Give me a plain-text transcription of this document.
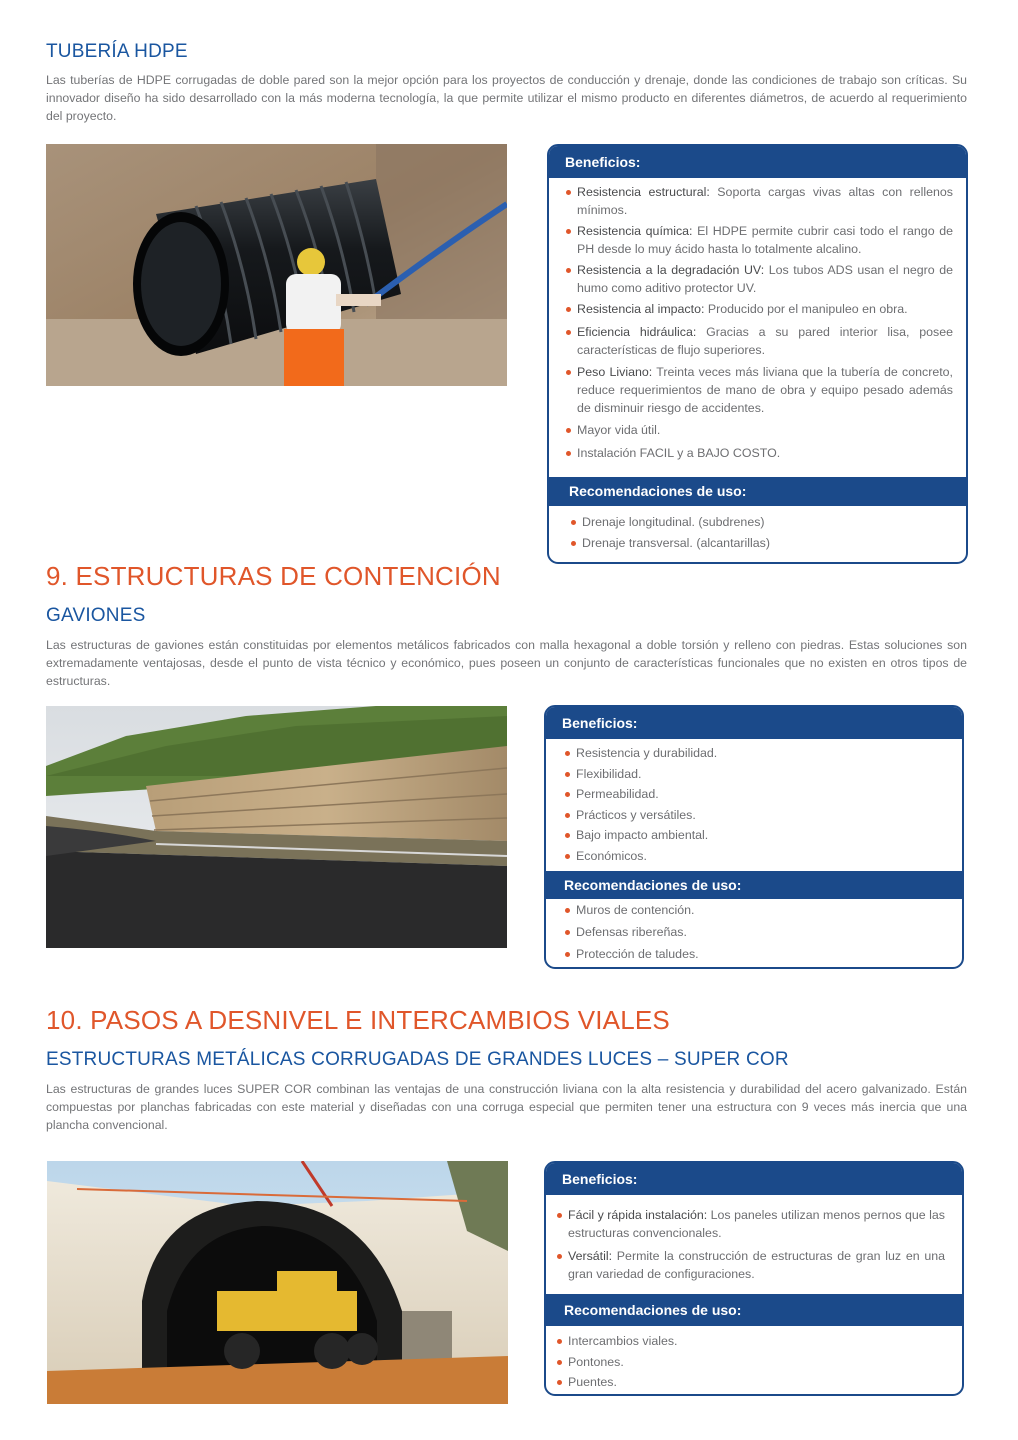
TUBERÍA HDPE

Las tuberías de HDPE corrugadas de doble pared son la mejor opción para los proyectos de conducción y drenaje, donde las condiciones de trabajo son críticas. Su innovador diseño ha sido desarrollado con la más moderna tecnología, la que permite utilizar el mismo producto en diferentes diámetros, de acuerdo al requerimiento del proyecto.

Beneficios:
Resistencia estructural: Soporta cargas vivas altas con rellenos mínimos.
Resistencia química: El HDPE permite cubrir casi todo el rango de PH desde lo muy ácido hasta lo totalmente alcalino.
Resistencia a la degradación UV: Los tubos ADS usan el negro de humo como aditivo protector UV.
Resistencia al impacto: Producido por el manipuleo en obra.
Eficiencia hidráulica: Gracias a su pared interior lisa, posee características de flujo superiores.
Peso Liviano: Treinta veces más liviana que la tubería de concreto, reduce requerimientos de mano de obra y equipo pesado además de disminuir riesgo de accidentes.
Mayor vida útil.
Instalación FACIL y a BAJO COSTO.
Recomendaciones de uso:
Drenaje longitudinal. (subdrenes)
Drenaje transversal. (alcantarillas)
9. ESTRUCTURAS DE CONTENCIÓN
GAVIONES

Las estructuras de gaviones están constituidas por elementos metálicos fabricados con malla hexagonal a doble torsión y relleno con piedras. Estas soluciones son extremadamente ventajosas, desde el punto de vista técnico y económico, pues poseen un conjunto de características funcionales que no existen en otros tipos de estructuras.

Beneficios:
Resistencia y durabilidad.
Flexibilidad.
Permeabilidad.
Prácticos y versátiles.
Bajo impacto ambiental.
Económicos.
Recomendaciones de uso:
Muros de contención.
Defensas ribereñas.
Protección de taludes.
10. PASOS A DESNIVEL E INTERCAMBIOS VIALES
ESTRUCTURAS METÁLICAS CORRUGADAS DE GRANDES LUCES – SUPER COR

Las estructuras de grandes luces SUPER COR combinan las ventajas de una construcción liviana con la alta resistencia y durabilidad del acero galvanizado. Están compuestas por planchas fabricadas con este material y diseñadas con una corruga especial que permiten tener una estructura con 9 veces más inercia que una plancha convencional.

Beneficios:
Fácil y rápida instalación: Los paneles utilizan menos pernos que las estructuras convencionales.
Versátil: Permite la construcción de estructuras de gran luz en una gran variedad de configuraciones.
Recomendaciones de uso:
Intercambios viales.
Pontones.
Puentes.
